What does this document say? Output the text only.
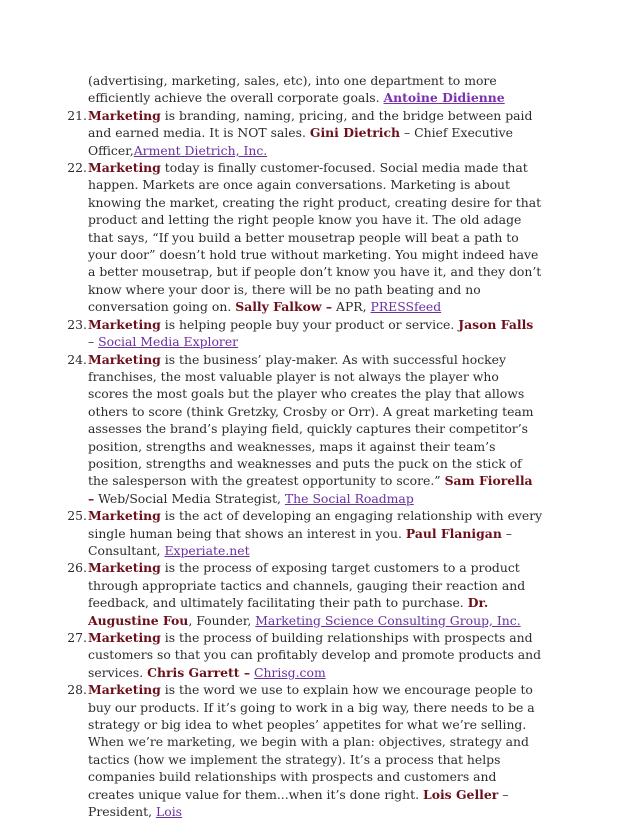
(advertising, marketing, sales, etc), into one department to more efficiently achieve the overall corporate goals. Antoine Didienne
21. Marketing is branding, naming, pricing, and the bridge between paid and earned media. It is NOT sales. Gini Dietrich – Chief Executive Officer,Arment Dietrich, Inc.
22. Marketing today is finally customer-focused. Social media made that happen. Markets are once again conversations. Marketing is about knowing the market, creating the right product, creating desire for that product and letting the right people know you have it. The old adage that says, “If you build a better mousetrap people will beat a path to your door” doesn’t hold true without marketing. You might indeed have a better mousetrap, but if people don’t know you have it, and they don’t know where your door is, there will be no path beating and no conversation going on. Sally Falkow – APR, PRESSfeed
23. Marketing is helping people buy your product or service. Jason Falls – Social Media Explorer
24. Marketing is the business’ play-maker. As with successful hockey franchises, the most valuable player is not always the player who scores the most goals but the player who creates the play that allows others to score (think Gretzky, Crosby or Orr). A great marketing team assesses the brand’s playing field, quickly captures their competitor’s position, strengths and weaknesses, maps it against their team’s position, strengths and weaknesses and puts the puck on the stick of the salesperson with the greatest opportunity to score.” Sam Fiorella – Web/Social Media Strategist, The Social Roadmap
25. Marketing is the act of developing an engaging relationship with every single human being that shows an interest in you. Paul Flanigan – Consultant, Experiate.net
26. Marketing is the process of exposing target customers to a product through appropriate tactics and channels, gauging their reaction and feedback, and ultimately facilitating their path to purchase. Dr. Augustine Fou, Founder, Marketing Science Consulting Group, Inc.
27. Marketing is the process of building relationships with prospects and customers so that you can profitably develop and promote products and services. Chris Garrett – Chrisg.com
28. Marketing is the word we use to explain how we encourage people to buy our products. If it’s going to work in a big way, there needs to be a strategy or big idea to whet peoples’ appetites for what we’re selling. When we’re marketing, we begin with a plan: objectives, strategy and tactics (how we implement the strategy). It’s a process that helps companies build relationships with prospects and customers and creates unique value for them...when it’s done right. Lois Geller – President, Lois
